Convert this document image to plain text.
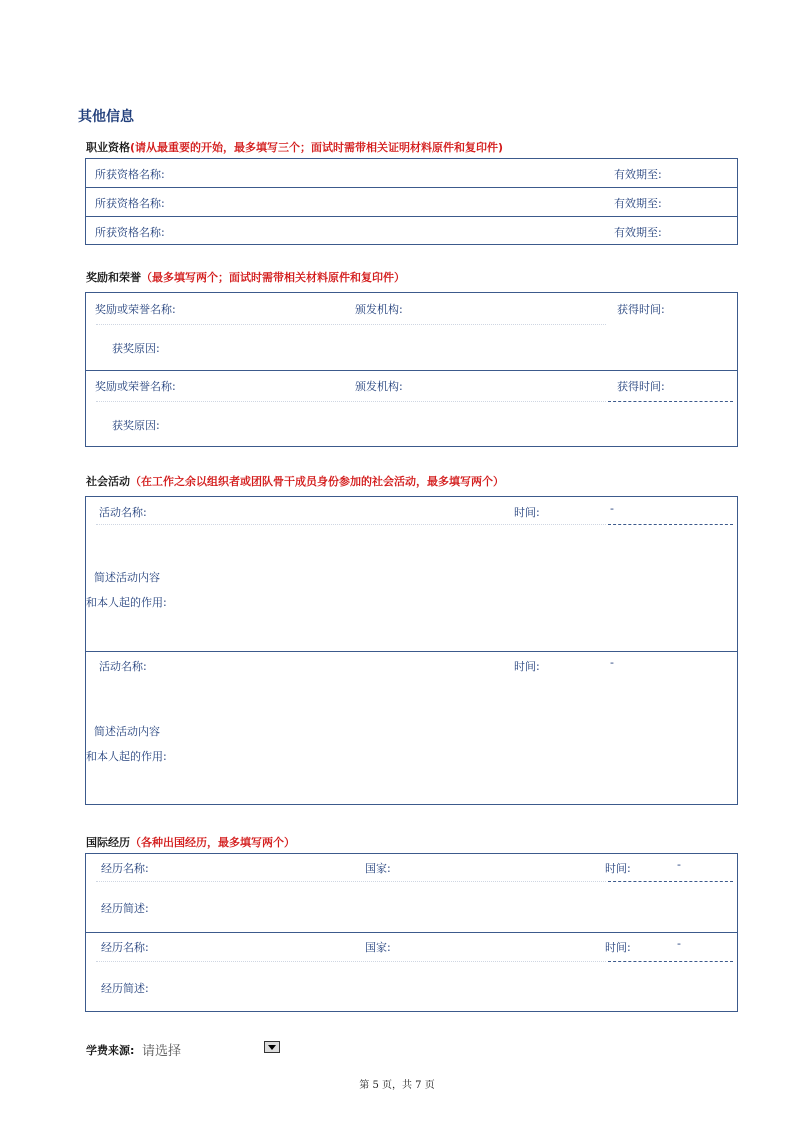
其他信息
职业资格(请从最重要的开始，最多填写三个；面试时需带相关证明材料原件和复印件)
所获资格名称:	有效期至:
所获资格名称:	有效期至:
所获资格名称:	有效期至:
奖励和荣誉（最多填写两个；面试时需带相关材料原件和复印件）
奖励或荣誉名称:	颁发机构:	获得时间:
获奖原因:
奖励或荣誉名称:	颁发机构:	获得时间:
获奖原因:
社会活动（在工作之余以组织者或团队骨干成员身份参加的社会活动，最多填写两个）
活动名称:	时间:	-
简述活动内容
和本人起的作用:
活动名称:	时间:	-
简述活动内容
和本人起的作用:
国际经历（各种出国经历，最多填写两个）
经历名称:	国家:	时间:	-
经历简述:
经历名称:	国家:	时间:	-
经历简述:
学费来源: 请选择
第 5 页，共 7 页
